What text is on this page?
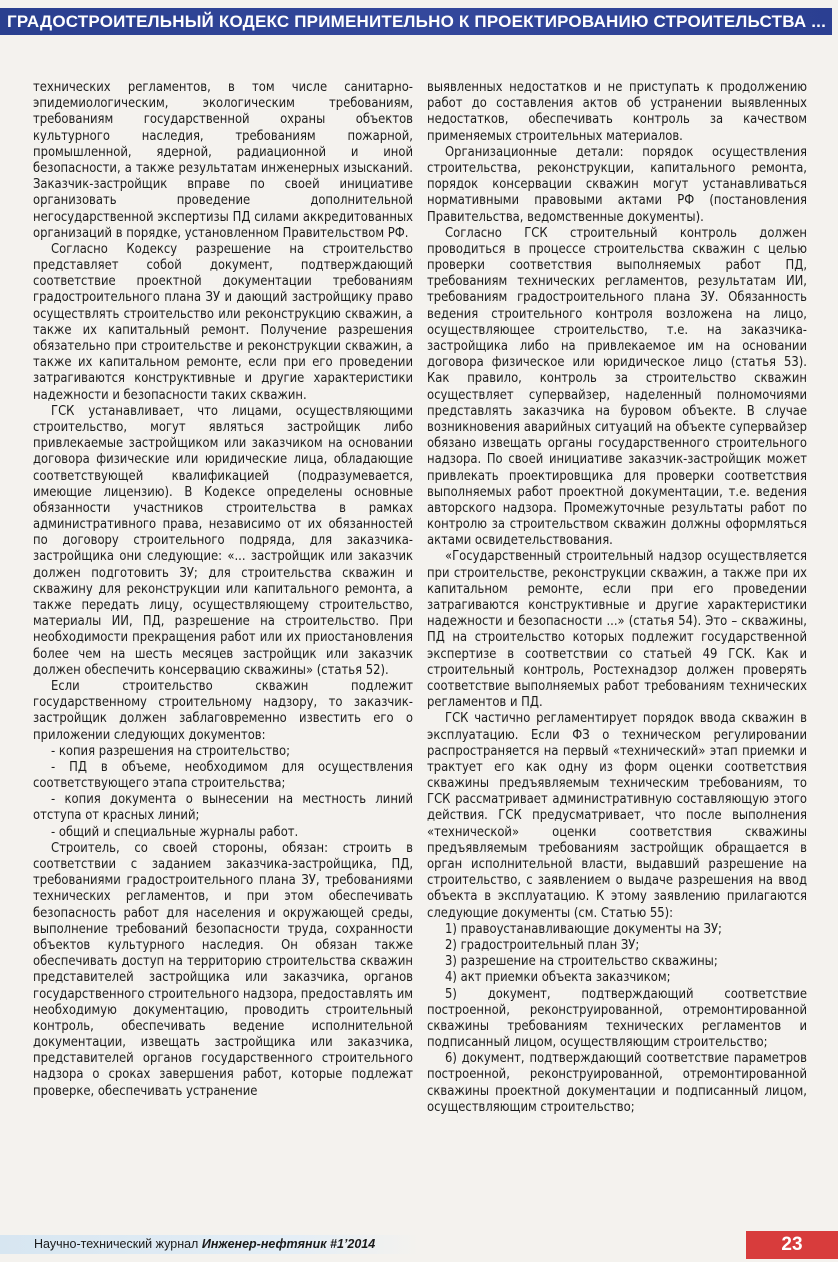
ГРАДОСТРОИТЕЛЬНЫЙ КОДЕКС ПРИМЕНИТЕЛЬНО К ПРОЕКТИРОВАНИЮ СТРОИТЕЛЬСТВА ...

технических регламентов, в том числе санитарно-эпидемиологическим, экологическим требованиям, требованиям государственной охраны объектов культурного наследия, требованиям пожарной, промышленной, ядерной, радиационной и иной безопасности, а также результатам инженерных изысканий. Заказчик-застройщик вправе по своей инициативе организовать проведение дополнительной негосударственной экспертизы ПД силами аккредитованных организаций в порядке, установленном Правительством РФ.

Согласно Кодексу разрешение на строительство представляет собой документ, подтверждающий соответствие проектной документации требованиям градостроительного плана ЗУ и дающий застройщику право осуществлять строительство или реконструкцию скважин, а также их капитальный ремонт. Получение разрешения обязательно при строительстве и реконструкции скважин, а также их капитальном ремонте, если при его проведении затрагиваются конструктивные и другие характеристики надежности и безопасности таких скважин.

ГСК устанавливает, что лицами, осуществляющими строительство, могут являться застройщик либо привлекаемые застройщиком или заказчиком на основании договора физические или юридические лица, обладающие соответствующей квалификацией (подразумевается, имеющие лицензию). В Кодексе определены основные обязанности участников строительства в рамках административного права, независимо от их обязанностей по договору строительного подряда, для заказчика-застройщика они следующие: «... застройщик или заказчик должен подготовить ЗУ; для строительства скважин и скважину для реконструкции или капитального ремонта, а также передать лицу, осуществляющему строительство, материалы ИИ, ПД, разрешение на строительство. При необходимости прекращения работ или их приостановления более чем на шесть месяцев застройщик или заказчик должен обеспечить консервацию скважины» (статья 52).

Если строительство скважин подлежит государственному строительному надзору, то заказчик-застройщик должен заблаговременно известить его о приложении следующих документов:

- копия разрешения на строительство;

- ПД в объеме, необходимом для осуществления соответствующего этапа строительства;

- копия документа о вынесении на местность линий отступа от красных линий;

- общий и специальные журналы работ.

Строитель, со своей стороны, обязан: строить в соответствии с заданием заказчика-застройщика, ПД, требованиями градостроительного плана ЗУ, требованиями технических регламентов, и при этом обеспечивать безопасность работ для населения и окружающей среды, выполнение требований безопасности труда, сохранности объектов культурного наследия. Он обязан также обеспечивать доступ на территорию строительства скважин представителей застройщика или заказчика, органов государственного строительного надзора, предоставлять им необходимую документацию, проводить строительный контроль, обеспечивать ведение исполнительной документации, извещать застройщика или заказчика, представителей органов государственного строительного надзора о сроках завершения работ, которые подлежат проверке, обеспечивать устранение

выявленных недостатков и не приступать к продолжению работ до составления актов об устранении выявленных недостатков, обеспечивать контроль за качеством применяемых строительных материалов.

Организационные детали: порядок осуществления строительства, реконструкции, капитального ремонта, порядок консервации скважин могут устанавливаться нормативными правовыми актами РФ (постановления Правительства, ведомственные документы).

Согласно ГСК строительный контроль должен проводиться в процессе строительства скважин с целью проверки соответствия выполняемых работ ПД, требованиям технических регламентов, результатам ИИ, требованиям градостроительного плана ЗУ. Обязанность ведения строительного контроля возложена на лицо, осуществляющее строительство, т.е. на заказчика-застройщика либо на привлекаемое им на основании договора физическое или юридическое лицо (статья 53). Как правило, контроль за строительство скважин осуществляет супервайзер, наделенный полномочиями представлять заказчика на буровом объекте. В случае возникновения аварийных ситуаций на объекте супервайзер обязано извещать органы государственного строительного надзора. По своей инициативе заказчик-застройщик может привлекать проектировщика для проверки соответствия выполняемых работ проектной документации, т.е. ведения авторского надзора. Промежуточные результаты работ по контролю за строительством скважин должны оформляться актами освидетельствования.

«Государственный строительный надзор осуществляется при строительстве, реконструкции скважин, а также при их капитальном ремонте, если при его проведении затрагиваются конструктивные и другие характеристики надежности и безопасности ...» (статья 54). Это – скважины, ПД на строительство которых подлежит государственной экспертизе в соответствии со статьей 49 ГСК. Как и строительный контроль, Ростехнадзор должен проверять соответствие выполняемых работ требованиям технических регламентов и ПД.

ГСК частично регламентирует порядок ввода скважин в эксплуатацию. Если ФЗ о техническом регулировании распространяется на первый «технический» этап приемки и трактует его как одну из форм оценки соответствия скважины предъявляемым техническим требованиям, то ГСК рассматривает административную составляющую этого действия. ГСК предусматривает, что после выполнения «технической» оценки соответствия скважины предъявляемым требованиям застройщик обращается в орган исполнительной власти, выдавший разрешение на строительство, с заявлением о выдаче разрешения на ввод объекта в эксплуатацию. К этому заявлению прилагаются следующие документы (см. Статью 55):

1) правоустанавливающие документы на ЗУ;

2) градостроительный план ЗУ;

3) разрешение на строительство скважины;

4) акт приемки объекта заказчиком;

5) документ, подтверждающий соответствие построенной, реконструированной, отремонтированной скважины требованиям технических регламентов и подписанный лицом, осуществляющим строительство;

6) документ, подтверждающий соответствие параметров построенной, реконструированной, отремонтированной скважины проектной документации и подписанный лицом, осуществляющим строительство;

Научно-технический журнал Инженер-нефтяник #1’2014	23
